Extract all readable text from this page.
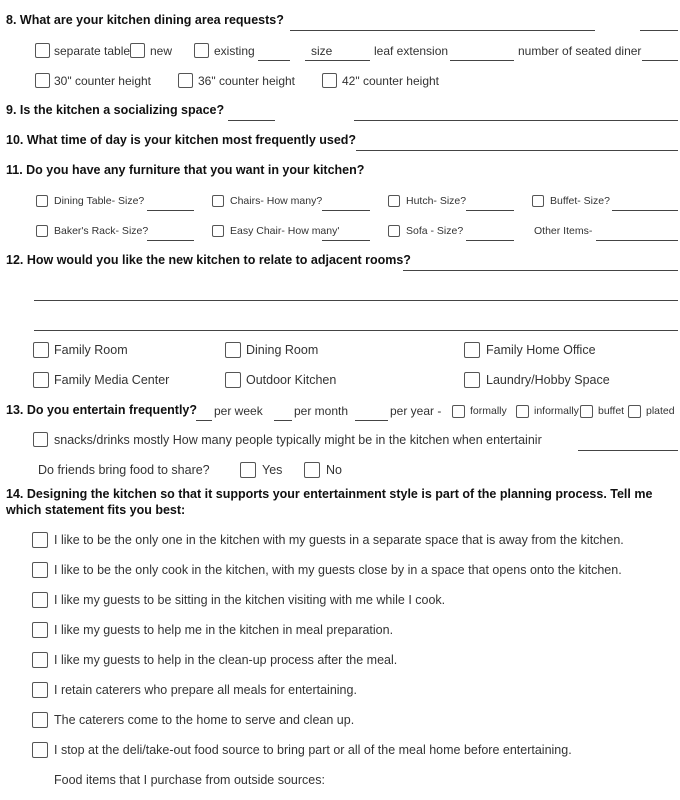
8. What are your kitchen dining area requests?
separate table new	existing	size	leaf extension	number of seated diner
30" counter height	36" counter height	42" counter height
9. Is the kitchen a socializing space?
10. What time of day is your kitchen most frequently used?
11. Do you have any furniture that you want in your kitchen?
Dining Table- Size?	Chairs- How many?	Hutch- Size?	Buffet- Size?
Baker's Rack- Size?	Easy Chair- How many'	Sofa - Size?	Other Items-
12. How would you like the new kitchen to relate to adjacent rooms?
Family Room	Dining Room	Family Home Office
Family Media Center	Outdoor Kitchen	Laundry/Hobby Space
13. Do you entertain frequently? per week	per month	per year -	formally	informally buffet plated
snacks/drinks mostly How many people typically might be in the kitchen when entertainir
Do friends bring food to share?	Yes	No
14. Designing the kitchen so that it supports your entertainment style is part of the planning process. Tell me
which statement fits you best:
I like to be the only one in the kitchen with my guests in a separate space that is away from the kitchen.
I like to be the only cook in the kitchen, with my guests close by in a space that opens onto the kitchen.
I like my guests to be sitting in the kitchen visiting with me while I cook.
I like my guests to help me in the kitchen in meal preparation.
I like my guests to help in the clean-up process after the meal.
I retain caterers who prepare all meals for entertaining.
The caterers come to the home to serve and clean up.
I stop at the deli/take-out food source to bring part or all of the meal home before entertaining.
Food items that I purchase from outside sources:
